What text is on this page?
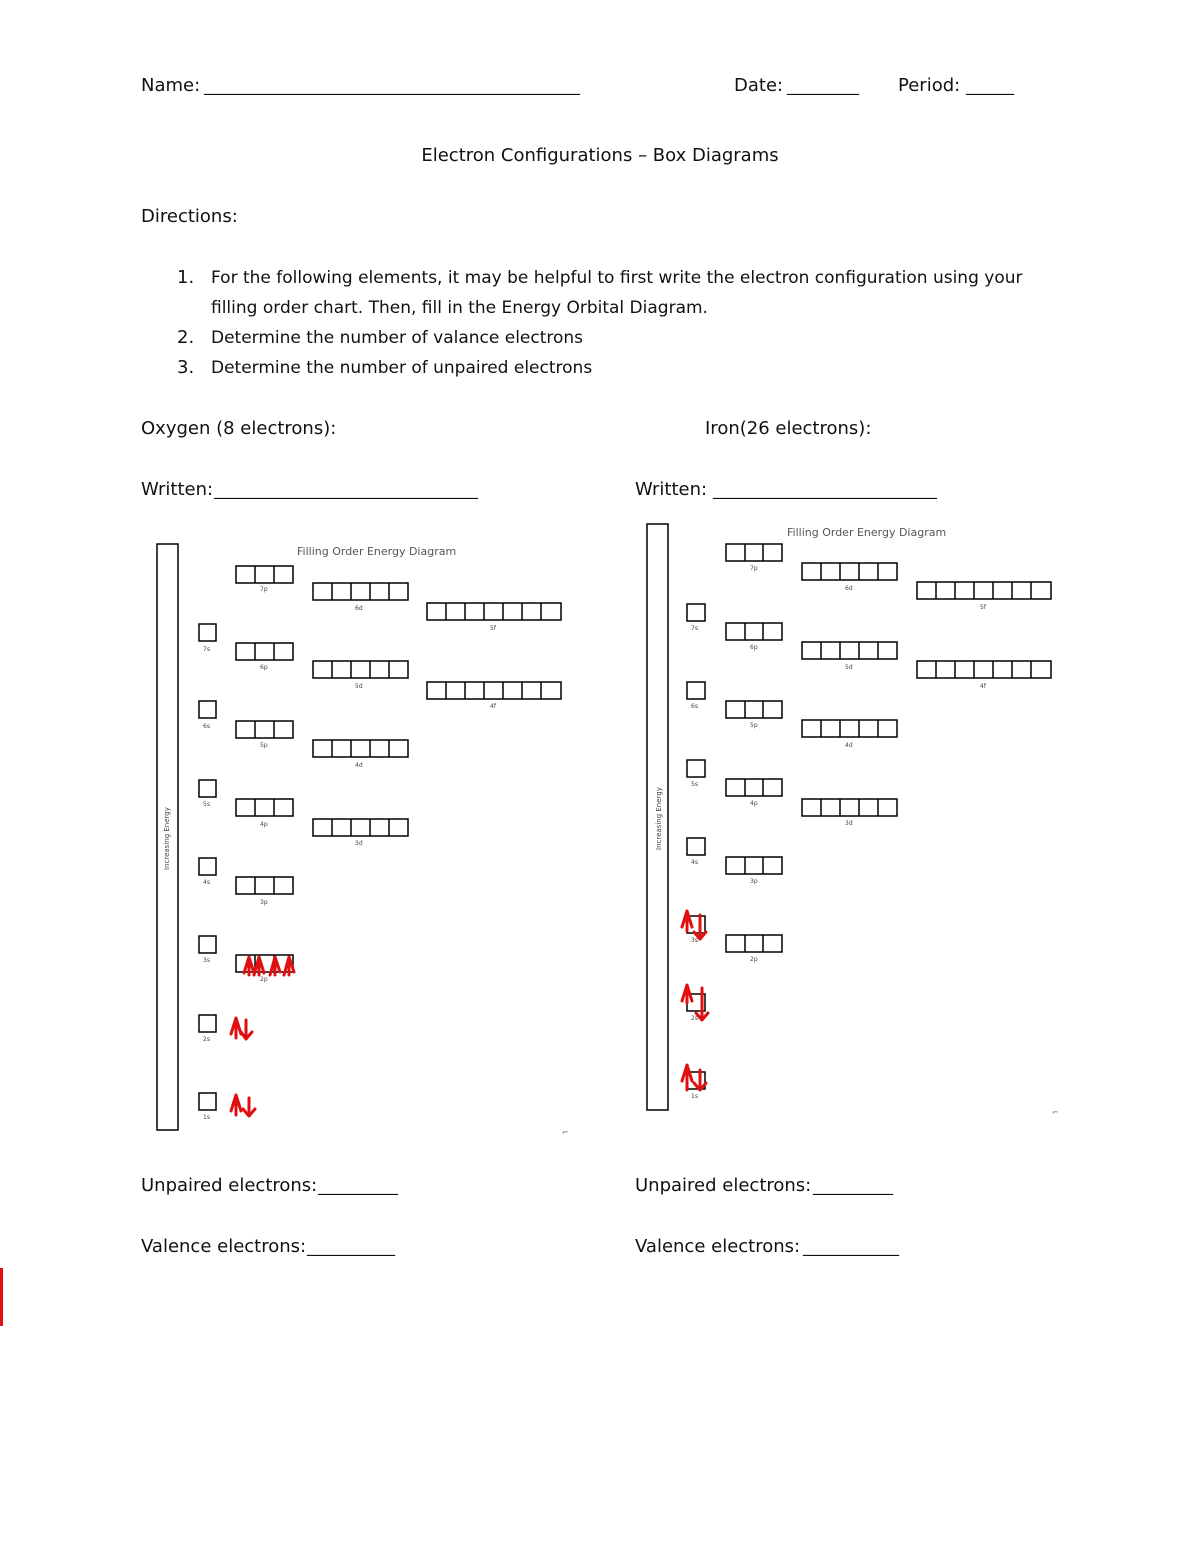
Name: _______________________________________________	Date: _________ Period: ______
Electron Configurations – Box Diagrams
Directions:
1. For the following elements, it may be helpful to first write the electron configuration using your
filling order chart. Then, fill in the Energy Orbital Diagram.
2. Determine the number of valance electrons
3. Determine the number of unpaired electrons
Oxygen (8 electrons):	Iron(26 electrons):
Written: _________________________________	Written: ____________________________
Filling Order Energy Diagram
Increasing Energy
7p
6d
5f
7s
6p
5d
4f
6s
5p
4d
5s
4p
3d
4s
3p
3s
2p
2s
1s
⌐
Filling Order Energy Diagram
Increasing Energy
7p
6d
5f
7s
6p
5d
4f
6s
5p
4d
5s
4p
3d
4s
3p
3s
2p
2s
1s
⌐
Unpaired electrons: __________	Unpaired electrons: __________
Valence electrons: ___________	Valence electrons: ____________
